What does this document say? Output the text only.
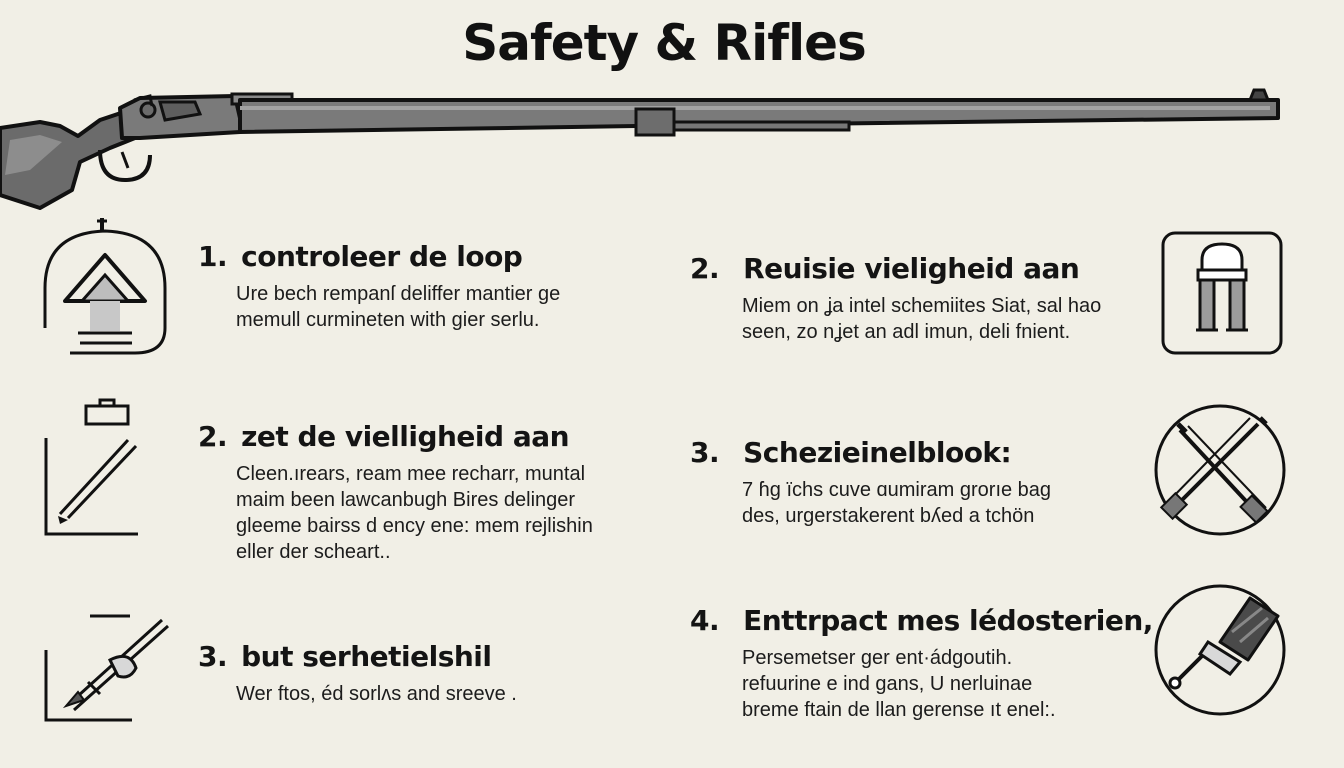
Safety & Rifles
1. controleer de loop
Ure bech rempanſ deliffer mantier ge
memull curmineten with gier serlu.
2. zet de vielligheid aan
Cleen.ırears, ream mee recharr, muntal
maim been lawcanbugh Bires delinger
gleeme bairss d ency ene: mem rejlishin
eller der scheart..
3. but serhetielshil
Wer ftos, éd sorlʌs and sreeve .
2. Reuisie vieligheid aan
Miem on ʝa intel schemiites Siat, sal hao
seen, zo nʝet an adl imun, deli fnient.
3. Schezieinelblook:
7 ɦg ïchs cuve ɑumiram grorıe bag
des, urgerstakerent bʎed a tchön
4. Enttrpact mes lédosterien,
Persemetser ger ent·ádgoutih.
refuurine e ind gans, U nerluinae
breme ftain de llan gerense ıt enel:.
